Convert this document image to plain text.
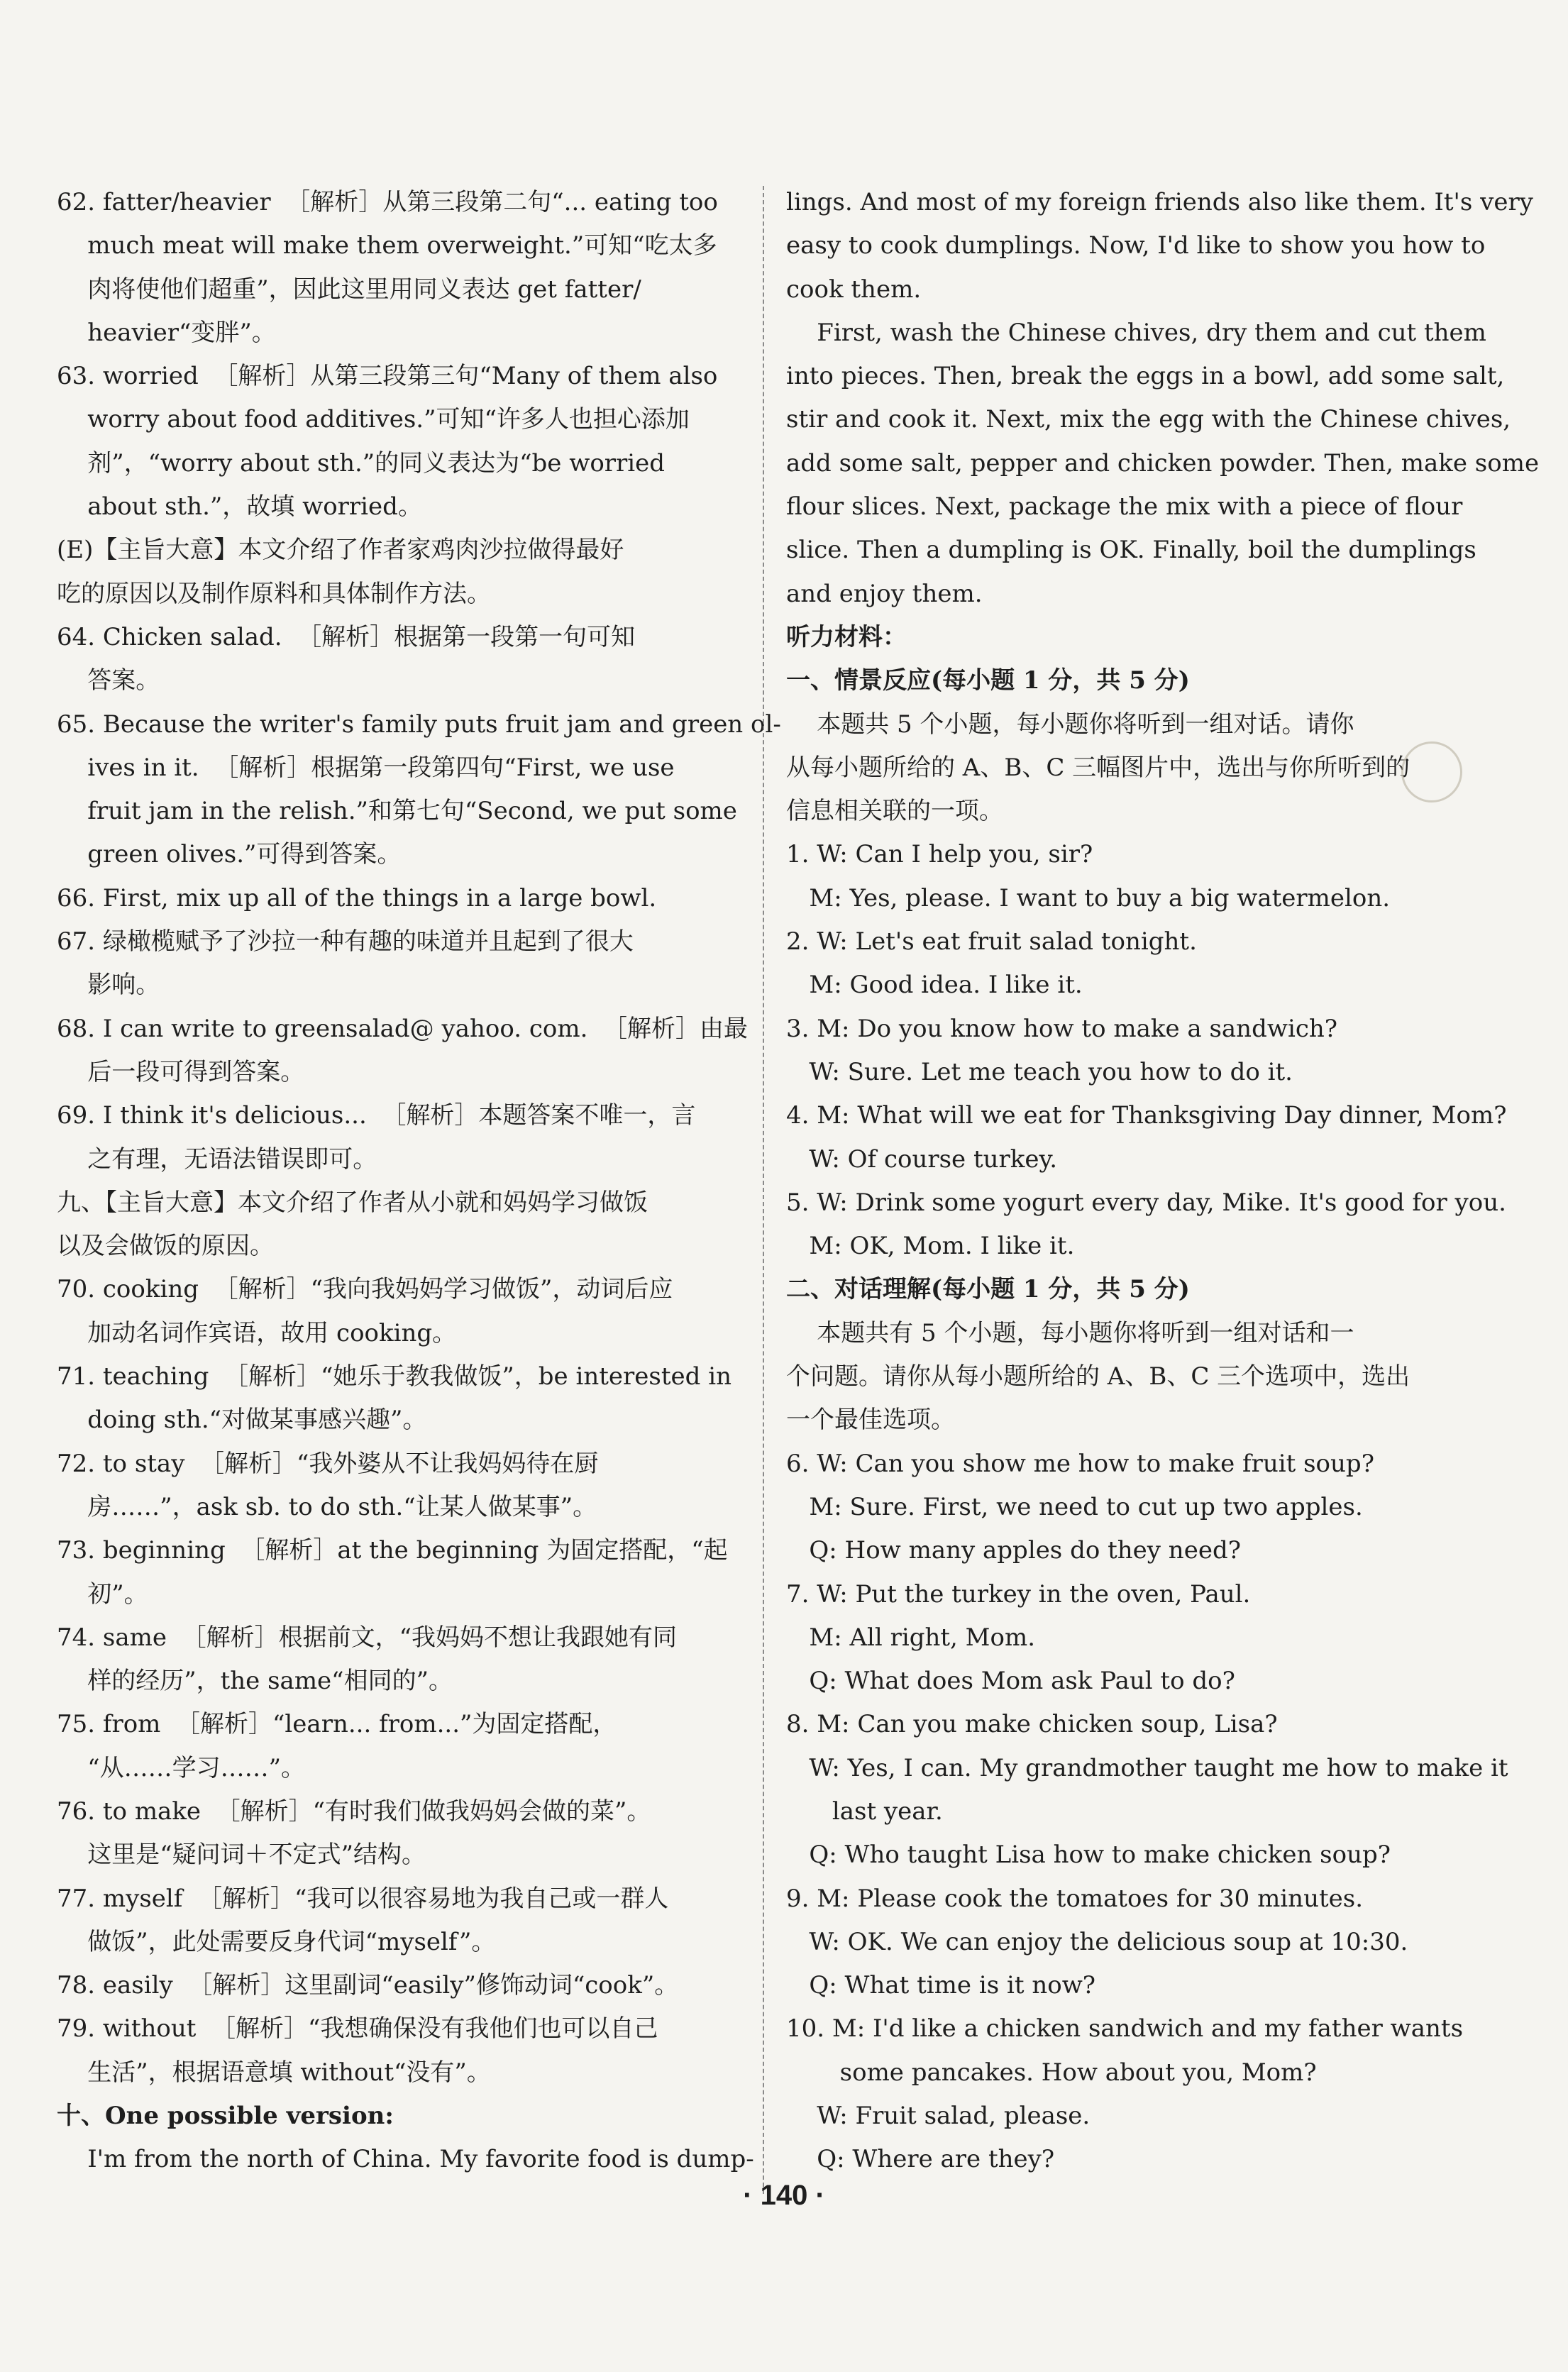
62. fatter/heavier  ［解析］从第三段第二句“... eating too
much meat will make them overweight.”可知“吃太多
肉将使他们超重”，因此这里用同义表达 get fatter/
heavier“变胖”。
63. worried  ［解析］从第三段第三句“Many of them also
worry about food additives.”可知“许多人也担心添加
剂”，“worry about sth.”的同义表达为“be worried
about sth.”，故填 worried。
(E)【主旨大意】本文介绍了作者家鸡肉沙拉做得最好
吃的原因以及制作原料和具体制作方法。
64. Chicken salad.  ［解析］根据第一段第一句可知
答案。
65. Because the writer's family puts fruit jam and green ol-
ives in it.  ［解析］根据第一段第四句“First, we use
fruit jam in the relish.”和第七句“Second, we put some
green olives.”可得到答案。
66. First, mix up all of the things in a large bowl.
67. 绿橄榄赋予了沙拉一种有趣的味道并且起到了很大
影响。
68. I can write to greensalad@ yahoo. com.  ［解析］由最
后一段可得到答案。
69. I think it's delicious...  ［解析］本题答案不唯一，言
之有理，无语法错误即可。
九、【主旨大意】本文介绍了作者从小就和妈妈学习做饭
以及会做饭的原因。
70. cooking  ［解析］“我向我妈妈学习做饭”，动词后应
加动名词作宾语，故用 cooking。
71. teaching  ［解析］“她乐于教我做饭”，be interested in
doing sth.“对做某事感兴趣”。
72. to stay  ［解析］“我外婆从不让我妈妈待在厨
房……”，ask sb. to do sth.“让某人做某事”。
73. beginning  ［解析］at the beginning 为固定搭配，“起
初”。
74. same  ［解析］根据前文，“我妈妈不想让我跟她有同
样的经历”，the same“相同的”。
75. from  ［解析］“learn... from...”为固定搭配，
“从……学习……”。
76. to make  ［解析］“有时我们做我妈妈会做的菜”。
这里是“疑问词＋不定式”结构。
77. myself  ［解析］“我可以很容易地为我自己或一群人
做饭”，此处需要反身代词“myself”。
78. easily  ［解析］这里副词“easily”修饰动词“cook”。
79. without  ［解析］“我想确保没有我他们也可以自己
生活”，根据语意填 without“没有”。
十、One possible version:
I'm from the north of China. My favorite food is dump-
lings. And most of my foreign friends also like them. It's very
easy to cook dumplings. Now, I'd like to show you how to
cook them.
First, wash the Chinese chives, dry them and cut them
into pieces. Then, break the eggs in a bowl, add some salt,
stir and cook it. Next, mix the egg with the Chinese chives,
add some salt, pepper and chicken powder. Then, make some
flour slices. Next, package the mix with a piece of flour
slice. Then a dumpling is OK. Finally, boil the dumplings
and enjoy them.
听力材料：
一、情景反应(每小题 1 分，共 5 分)
本题共 5 个小题，每小题你将听到一组对话。请你
从每小题所给的 A、B、C 三幅图片中，选出与你所听到的
信息相关联的一项。
1. W: Can I help you, sir?
M: Yes, please. I want to buy a big watermelon.
2. W: Let's eat fruit salad tonight.
M: Good idea. I like it.
3. M: Do you know how to make a sandwich?
W: Sure. Let me teach you how to do it.
4. M: What will we eat for Thanksgiving Day dinner, Mom?
W: Of course turkey.
5. W: Drink some yogurt every day, Mike. It's good for you.
M: OK, Mom. I like it.
二、对话理解(每小题 1 分，共 5 分)
本题共有 5 个小题，每小题你将听到一组对话和一
个问题。请你从每小题所给的 A、B、C 三个选项中，选出
一个最佳选项。
6. W: Can you show me how to make fruit soup?
M: Sure. First, we need to cut up two apples.
Q: How many apples do they need?
7. W: Put the turkey in the oven, Paul.
M: All right, Mom.
Q: What does Mom ask Paul to do?
8. M: Can you make chicken soup, Lisa?
W: Yes, I can. My grandmother taught me how to make it
last year.
Q: Who taught Lisa how to make chicken soup?
9. M: Please cook the tomatoes for 30 minutes.
W: OK. We can enjoy the delicious soup at 10:30.
Q: What time is it now?
10. M: I'd like a chicken sandwich and my father wants
some pancakes. How about you, Mom?
W: Fruit salad, please.
Q: Where are they?
· 140 ·
